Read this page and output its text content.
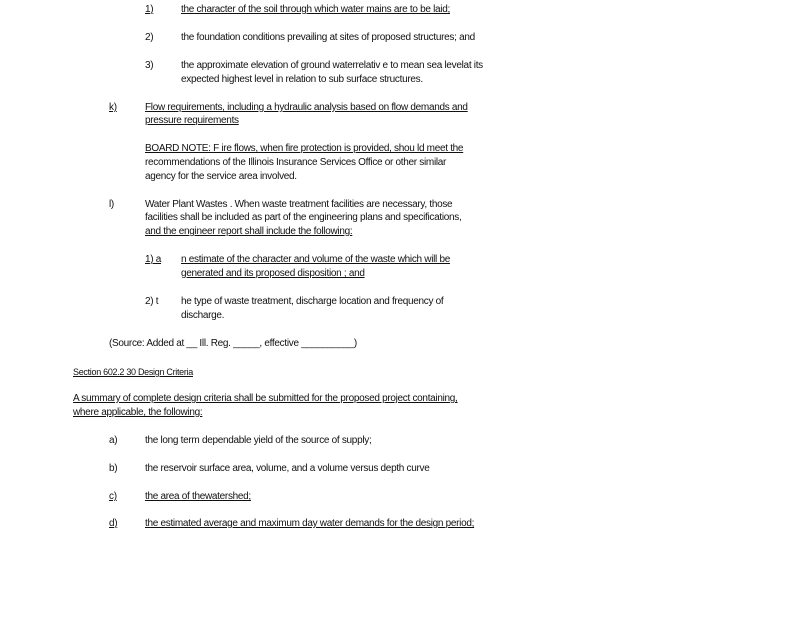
1)	the character of the soil through which water mains are to be laid;
2)	the foundation conditions prevailing at sites of proposed structures; and
3)	the approximate elevation of ground waterrelativ e to mean sea levelat its
expected highest level in relation to sub surface structures.
k)	Flow requirements, including a hydraulic analysis based on flow demands and
pressure requirements
BOARD NOTE: F ire flows, when fire protection is provided, shou ld meet the
recommendations of the Illinois Insurance Services Office or other similar
agency for the service area involved.
l)	Water Plant Wastes . When waste treatment facilities are necessary, those
facilities shall be included as part of the engineering plans and specifications,
and the engineer report shall include the following:
1) a n estimate of the character and volume of the waste which will be
generated and its proposed disposition ; and
2) t he type of waste treatment, discharge location and frequency of
discharge.
(Source: Added at __ Ill. Reg. _____, effective __________)
Section 602.2 30 Design Criteria
A summary of complete design criteria shall be submitted for the proposed project containing,
where applicable, the following:
a)	the long term dependable yield of the source of supply;
b)	the reservoir surface area, volume, and a volume versus depth curve
c)	the area of thewatershed;
d)	the estimated average and maximum day water demands for the design period;
